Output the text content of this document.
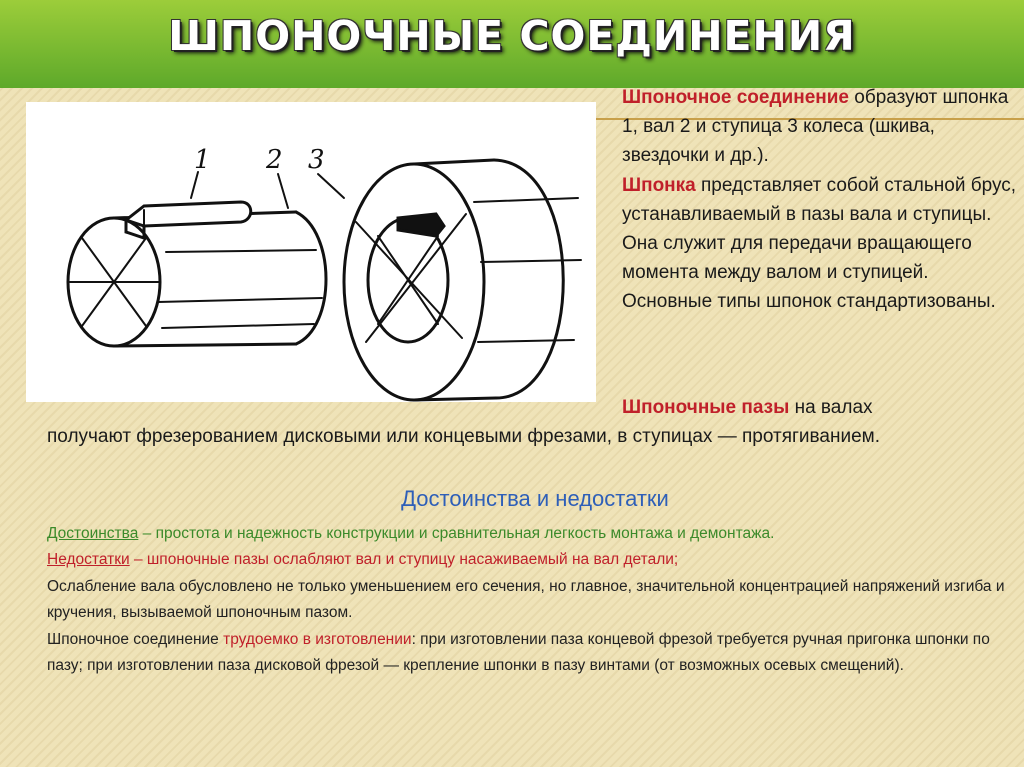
ШПОНОЧНЫЕ СОЕДИНЕНИЯ
1 2 3

Шпоночное соединение образуют шпонка 1, вал 2 и ступица 3 колеса (шкива, звездочки и др.).

Шпонка представляет собой стальной брус, устанавливаемый в пазы вала и ступицы. Она служит для передачи вращающего момента между валом и ступицей.

Основные типы шпонок стандартизованы.

Шпоночные пазы на валах
получают фрезерованием дисковыми или концевыми фрезами, в ступицах — протягиванием.
Достоинства и недостатки

Достоинства – простота и надежность конструкции и сравнительная легкость монтажа и демонтажа.

Недостатки – шпоночные пазы ослабляют вал и ступицу насаживаемый на вал детали;

Ослабление вала обусловлено не только уменьшением его сечения, но главное, значительной концентрацией напряжений изгиба и кручения, вызываемой шпоночным пазом.

Шпоночное соединение трудоемко в изготовлении: при изготовлении паза концевой фрезой требуется ручная пригонка шпонки по пазу; при изготовлении паза дисковой фрезой — крепление шпонки в пазу винтами (от возможных осевых смещений).
